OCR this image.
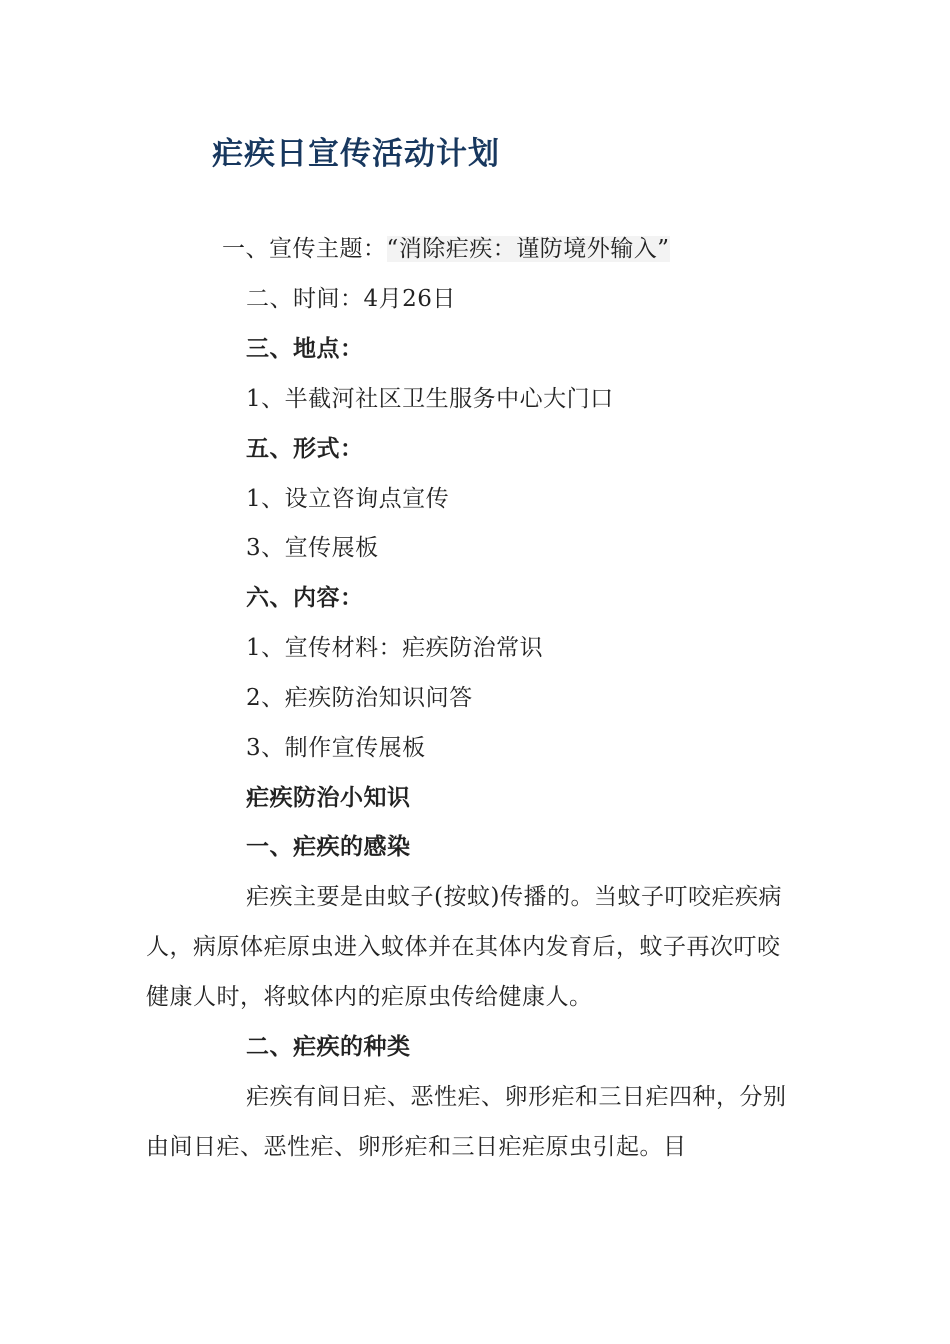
疟疾日宣传活动计划
一、宣传主题：“消除疟疾：谨防境外输入”
二、时间：4月26日
三、地点：
1、半截河社区卫生服务中心大门口
五、形式：
1、设立咨询点宣传
3、宣传展板
六、内容：
1、宣传材料：疟疾防治常识
2、疟疾防治知识问答
3、制作宣传展板
疟疾防治小知识
一、疟疾的感染
疟疾主要是由蚊子(按蚊)传播的。当蚊子叮咬疟疾病人，病原体疟原虫进入蚊体并在其体内发育后，蚊子再次叮咬健康人时，将蚊体内的疟原虫传给健康人。
二、疟疾的种类
疟疾有间日疟、恶性疟、卵形疟和三日疟四种，分别由间日疟、恶性疟、卵形疟和三日疟疟原虫引起。目
